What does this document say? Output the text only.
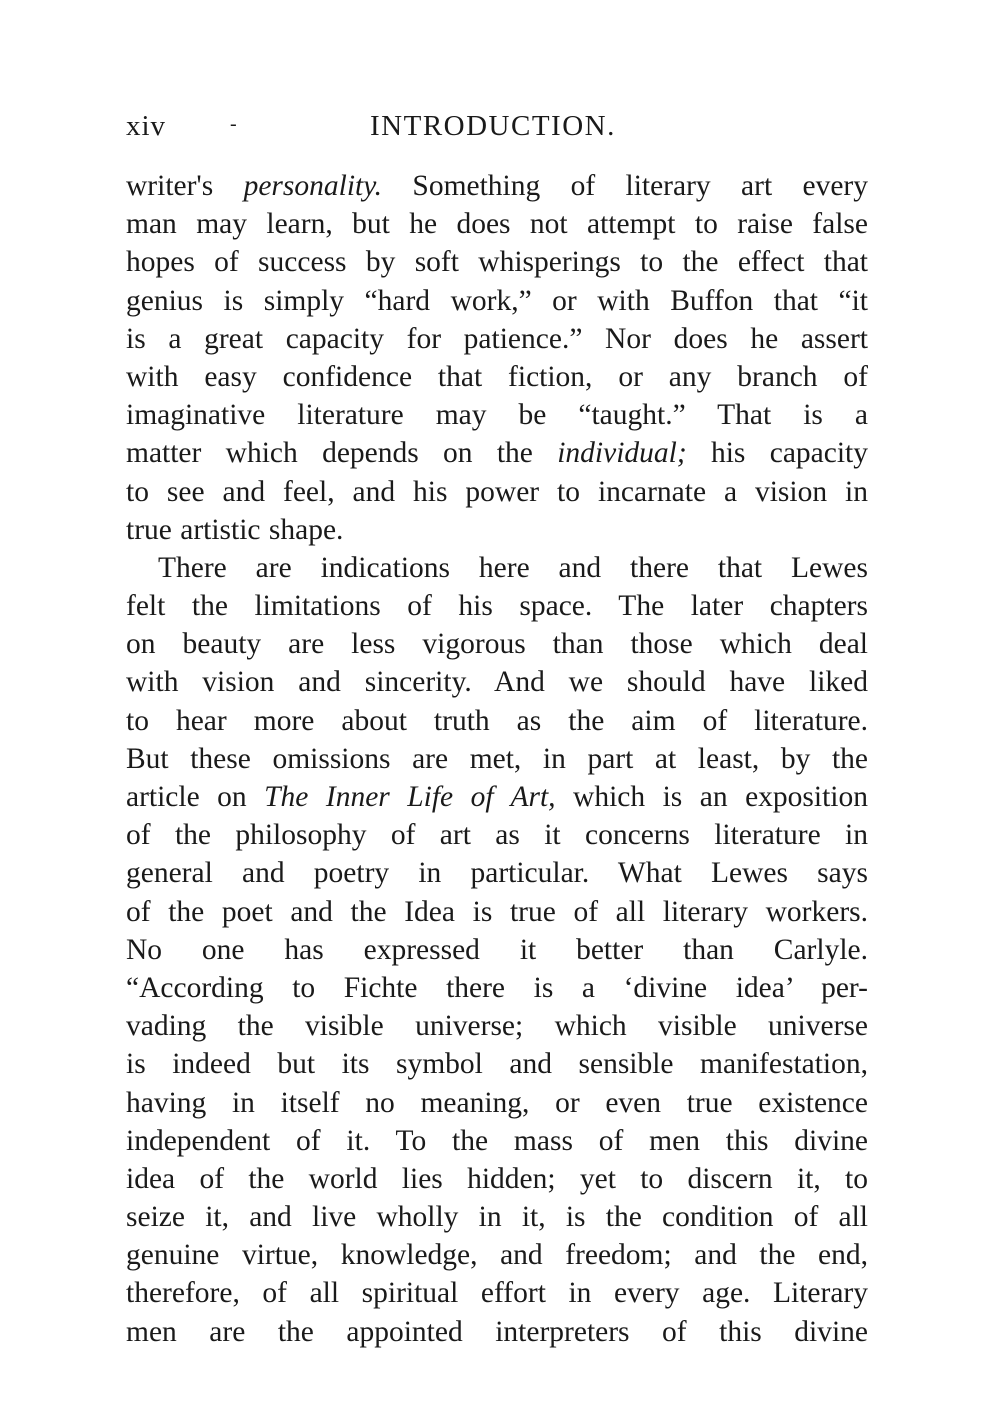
xiv	-	INTRODUCTION.
writer's personality. Something of literary art every
man may learn, but he does not attempt to raise false
hopes of success by soft whisperings to the effect that
genius is simply “hard work,” or with Buffon that “it
is a great capacity for patience.” Nor does he assert
with easy confidence that fiction, or any branch of
imaginative literature may be “taught.” That is a
matter which depends on the individual; his capacity
to see and feel, and his power to incarnate a vision in
true artistic shape.
There are indications here and there that Lewes
felt the limitations of his space. The later chapters
on beauty are less vigorous than those which deal
with vision and sincerity. And we should have liked
to hear more about truth as the aim of literature.
But these omissions are met, in part at least, by the
article on The Inner Life of Art, which is an exposition
of the philosophy of art as it concerns literature in
general and poetry in particular. What Lewes says
of the poet and the Idea is true of all literary workers.
No one has expressed it better than Carlyle.
“According to Fichte there is a ‘divine idea’ per-
vading the visible universe; which visible universe
is indeed but its symbol and sensible manifestation,
having in itself no meaning, or even true existence
independent of it. To the mass of men this divine
idea of the world lies hidden; yet to discern it, to
seize it, and live wholly in it, is the condition of all
genuine virtue, knowledge, and freedom; and the end,
therefore, of all spiritual effort in every age. Literary
men are the appointed interpreters of this divine
